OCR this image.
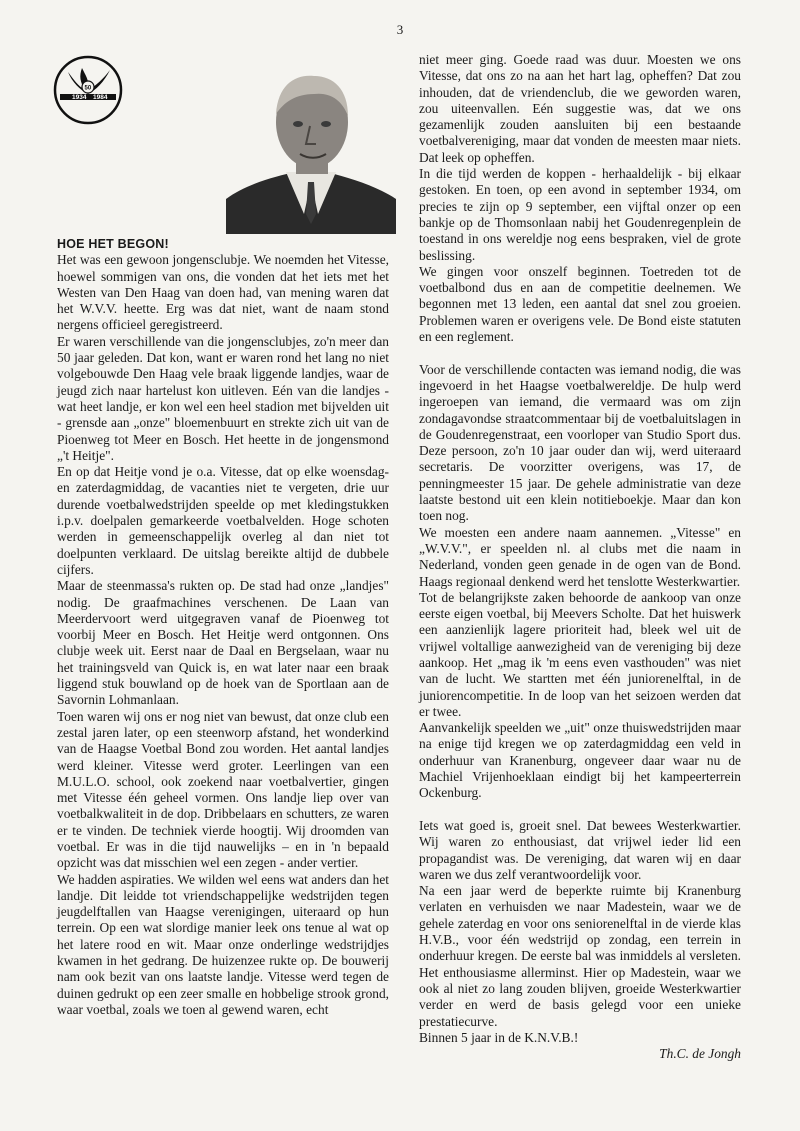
3
1934 1984
50

HOE HET BEGON!

Het was een gewoon jongensclubje. We noemden het Vitesse, hoewel sommigen van ons, die vonden dat het iets met het Westen van Den Haag van doen had, van mening waren dat het W.V.V. heette. Erg was dat niet, want de naam stond nergens officieel geregistreerd.

Er waren verschillende van die jongensclubjes, zo'n meer dan 50 jaar geleden. Dat kon, want er waren rond het lang no niet volgebouwde Den Haag vele braak liggende landjes, waar de jeugd zich naar hartelust kon uitleven. Eén van die landjes - wat heet landje, er kon wel een heel stadion met bijvelden uit - grensde aan „onze" bloemenbuurt en strekte zich uit van de Pioenweg tot Meer en Bosch. Het heette in de jongensmond „'t Heitje".

En op dat Heitje vond je o.a. Vitesse, dat op elke woensdag- en zaterdagmiddag, de vacanties niet te vergeten, drie uur durende voetbalwedstrijden speelde op met kledingstukken i.p.v. doelpalen gemarkeerde voetbalvelden. Hoge schoten werden in gemeenschappelijk overleg al dan niet tot doelpunten verklaard. De uitslag bereikte altijd de dubbele cijfers.

Maar de steenmassa's rukten op. De stad had onze „landjes" nodig. De graafmachines verschenen. De Laan van Meerdervoort werd uitgegraven vanaf de Pioenweg tot voorbij Meer en Bosch. Het Heitje werd ontgonnen. Ons clubje week uit. Eerst naar de Daal en Bergselaan, waar nu het trainingsveld van Quick is, en wat later naar een braak liggend stuk bouwland op de hoek van de Sportlaan aan de Savornin Lohmanlaan.

Toen waren wij ons er nog niet van bewust, dat onze club een zestal jaren later, op een steenworp afstand, het wonderkind van de Haagse Voetbal Bond zou worden. Het aantal landjes werd kleiner. Vitesse werd groter. Leerlingen van een M.U.L.O. school, ook zoekend naar voetbalvertier, gingen met Vitesse één geheel vormen. Ons landje liep over van voetbalkwaliteit in de dop. Dribbelaars en schutters, ze waren er te vinden. De techniek vierde hoogtij. Wij droomden van voetbal. Er was in die tijd nauwelijks – en in 'n bepaald opzicht was dat misschien wel een zegen - ander vertier.

We hadden aspiraties. We wilden wel eens wat anders dan het landje. Dit leidde tot vriendschappelijke wedstrijden tegen jeugdelftallen van Haagse verenigingen, uiteraard op hun terrein. Op een wat slordige manier leek ons tenue al wat op het latere rood en wit. Maar onze onderlinge wedstrijdjes kwamen in het gedrang. De huizenzee rukte op. De bouwerij nam ook bezit van ons laatste landje. Vitesse werd tegen de duinen gedrukt op een zeer smalle en hobbelige strook grond, waar voetbal, zoals we toen al gewend waren, echt

niet meer ging. Goede raad was duur. Moesten we ons Vitesse, dat ons zo na aan het hart lag, opheffen? Dat zou inhouden, dat de vriendenclub, die we geworden waren, zou uiteenvallen. Eén suggestie was, dat we ons gezamenlijk zouden aansluiten bij een bestaande voetbalvereniging, maar dat vonden de meesten maar niets. Dat leek op opheffen.

In die tijd werden de koppen - herhaaldelijk - bij elkaar gestoken. En toen, op een avond in september 1934, om precies te zijn op 9 september, een vijftal onzer op een bankje op de Thomsonlaan nabij het Goudenregenplein de toestand in ons wereldje nog eens bespraken, viel de grote beslissing.

We gingen voor onszelf beginnen. Toetreden tot de voetbalbond dus en aan de competitie deelnemen. We begonnen met 13 leden, een aantal dat snel zou groeien. Problemen waren er overigens vele. De Bond eiste statuten en een reglement.

Voor de verschillende contacten was iemand nodig, die was ingevoerd in het Haagse voetbalwereldje. De hulp werd ingeroepen van iemand, die vermaard was om zijn zondagavondse straatcommentaar bij de voetbaluitslagen in de Goudenregenstraat, een voorloper van Studio Sport dus. Deze persoon, zo'n 10 jaar ouder dan wij, werd uiteraard secretaris. De voorzitter overigens, was 17, de penningmeester 15 jaar. De gehele administratie van deze laatste bestond uit een klein notitieboekje. Maar dan kon toen nog.

We moesten een andere naam aannemen. „Vitesse" en „W.V.V.", er speelden nl. al clubs met die naam in Nederland, vonden geen genade in de ogen van de Bond. Haags regionaal denkend werd het tenslotte Westerkwartier.

Tot de belangrijkste zaken behoorde de aankoop van onze eerste eigen voetbal, bij Meevers Scholte. Dat het huiswerk een aanzienlijk lagere prioriteit had, bleek wel uit de vrijwel voltallige aanwezigheid van de vereniging bij deze aankoop. Het „mag ik 'm eens even vasthouden" was niet van de lucht. We startten met één juniorenelftal, in de juniorencompetitie. In de loop van het seizoen werden dat er twee.

Aanvankelijk speelden we „uit" onze thuiswedstrijden maar na enige tijd kregen we op zaterdagmiddag een veld in onderhuur van Kranenburg, ongeveer daar waar nu de Machiel Vrijenhoeklaan eindigt bij het kampeerterrein Ockenburg.

Iets wat goed is, groeit snel. Dat bewees Westerkwartier. Wij waren zo enthousiast, dat vrijwel ieder lid een propagandist was. De vereniging, dat waren wij en daar waren we dus zelf verantwoordelijk voor.

Na een jaar werd de beperkte ruimte bij Kranenburg verlaten en verhuisden we naar Madestein, waar we de gehele zaterdag en voor ons seniorenelftal in de vierde klas H.V.B., voor één wedstrijd op zondag, een terrein in onderhuur kregen. De eerste bal was inmiddels al versleten. Het enthousiasme allerminst. Hier op Madestein, waar we ook al niet zo lang zouden blijven, groeide Westerkwartier verder en werd de basis gelegd voor een unieke prestatiecurve.

Binnen 5 jaar in de K.N.V.B.!

Th.C. de Jongh
